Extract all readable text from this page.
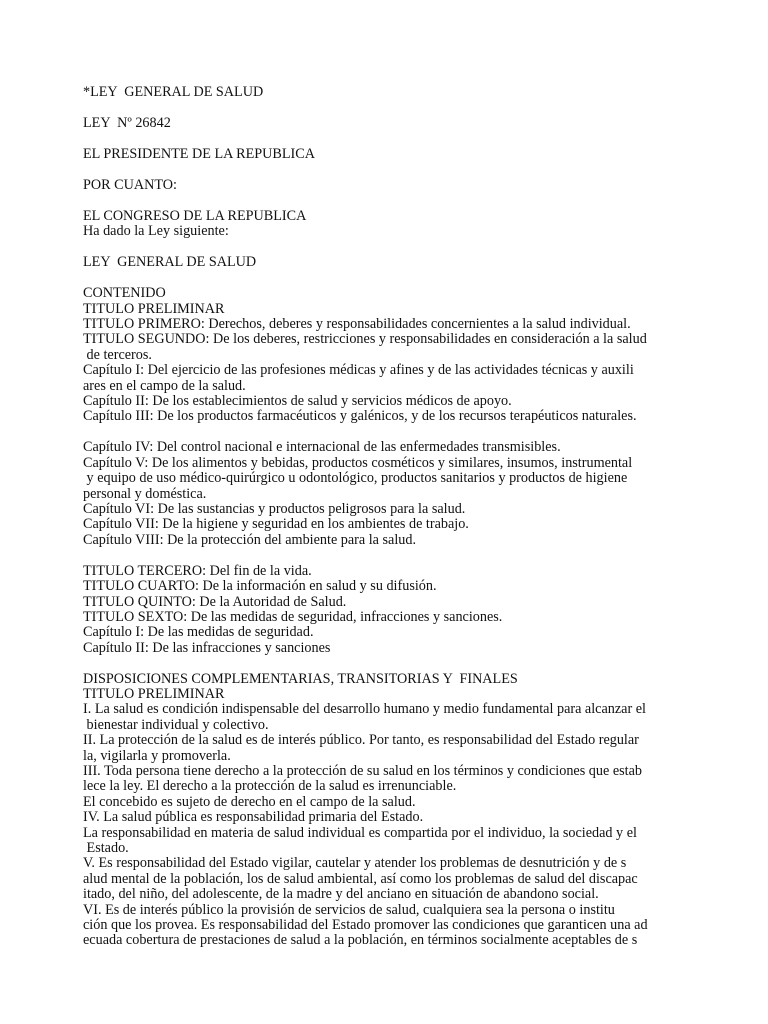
*LEY  GENERAL DE SALUD
LEY  Nº 26842
EL PRESIDENTE DE LA REPUBLICA
POR CUANTO:
EL CONGRESO DE LA REPUBLICA
Ha dado la Ley siguiente:
LEY  GENERAL DE SALUD
CONTENIDO
TITULO PRELIMINAR
TITULO PRIMERO: Derechos, deberes y responsabilidades concernientes a la salud individual.
TITULO SEGUNDO: De los deberes, restricciones y responsabilidades en consideración a la salud
de terceros.
Capítulo I: Del ejercicio de las profesiones médicas y afines y de las actividades técnicas y auxili
ares en el campo de la salud.
Capítulo II: De los establecimientos de salud y servicios médicos de apoyo.
Capítulo III: De los productos farmacéuticos y galénicos, y de los recursos terapéuticos naturales.
Capítulo IV: Del control nacional e internacional de las enfermedades transmisibles.
Capítulo V: De los alimentos y bebidas, productos cosméticos y similares, insumos, instrumental
y equipo de uso médico-quirúrgico u odontológico, productos sanitarios y productos de higiene
personal y doméstica.
Capítulo VI: De las sustancias y productos peligrosos para la salud.
Capítulo VII: De la higiene y seguridad en los ambientes de trabajo.
Capítulo VIII: De la protección del ambiente para la salud.
TITULO TERCERO: Del fin de la vida.
TITULO CUARTO: De la información en salud y su difusión.
TITULO QUINTO: De la Autoridad de Salud.
TITULO SEXTO: De las medidas de seguridad, infracciones y sanciones.
Capítulo I: De las medidas de seguridad.
Capítulo II: De las infracciones y sanciones
DISPOSICIONES COMPLEMENTARIAS, TRANSITORIAS Y  FINALES
TITULO PRELIMINAR
I. La salud es condición indispensable del desarrollo humano y medio fundamental para alcanzar el
bienestar individual y colectivo.
II. La protección de la salud es de interés público. Por tanto, es responsabilidad del Estado regular
la, vigilarla y promoverla.
III. Toda persona tiene derecho a la protección de su salud en los términos y condiciones que estab
lece la ley. El derecho a la protección de la salud es irrenunciable.
El concebido es sujeto de derecho en el campo de la salud.
IV. La salud pública es responsabilidad primaria del Estado.
La responsabilidad en materia de salud individual es compartida por el individuo, la sociedad y el
Estado.
V. Es responsabilidad del Estado vigilar, cautelar y atender los problemas de desnutrición y de s
alud mental de la población, los de salud ambiental, así como los problemas de salud del discapac
itado, del niño, del adolescente, de la madre y del anciano en situación de abandono social.
VI. Es de interés público la provisión de servicios de salud, cualquiera sea la persona o institu
ción que los provea. Es responsabilidad del Estado promover las condiciones que garanticen una ad
ecuada cobertura de prestaciones de salud a la población, en términos socialmente aceptables de s
